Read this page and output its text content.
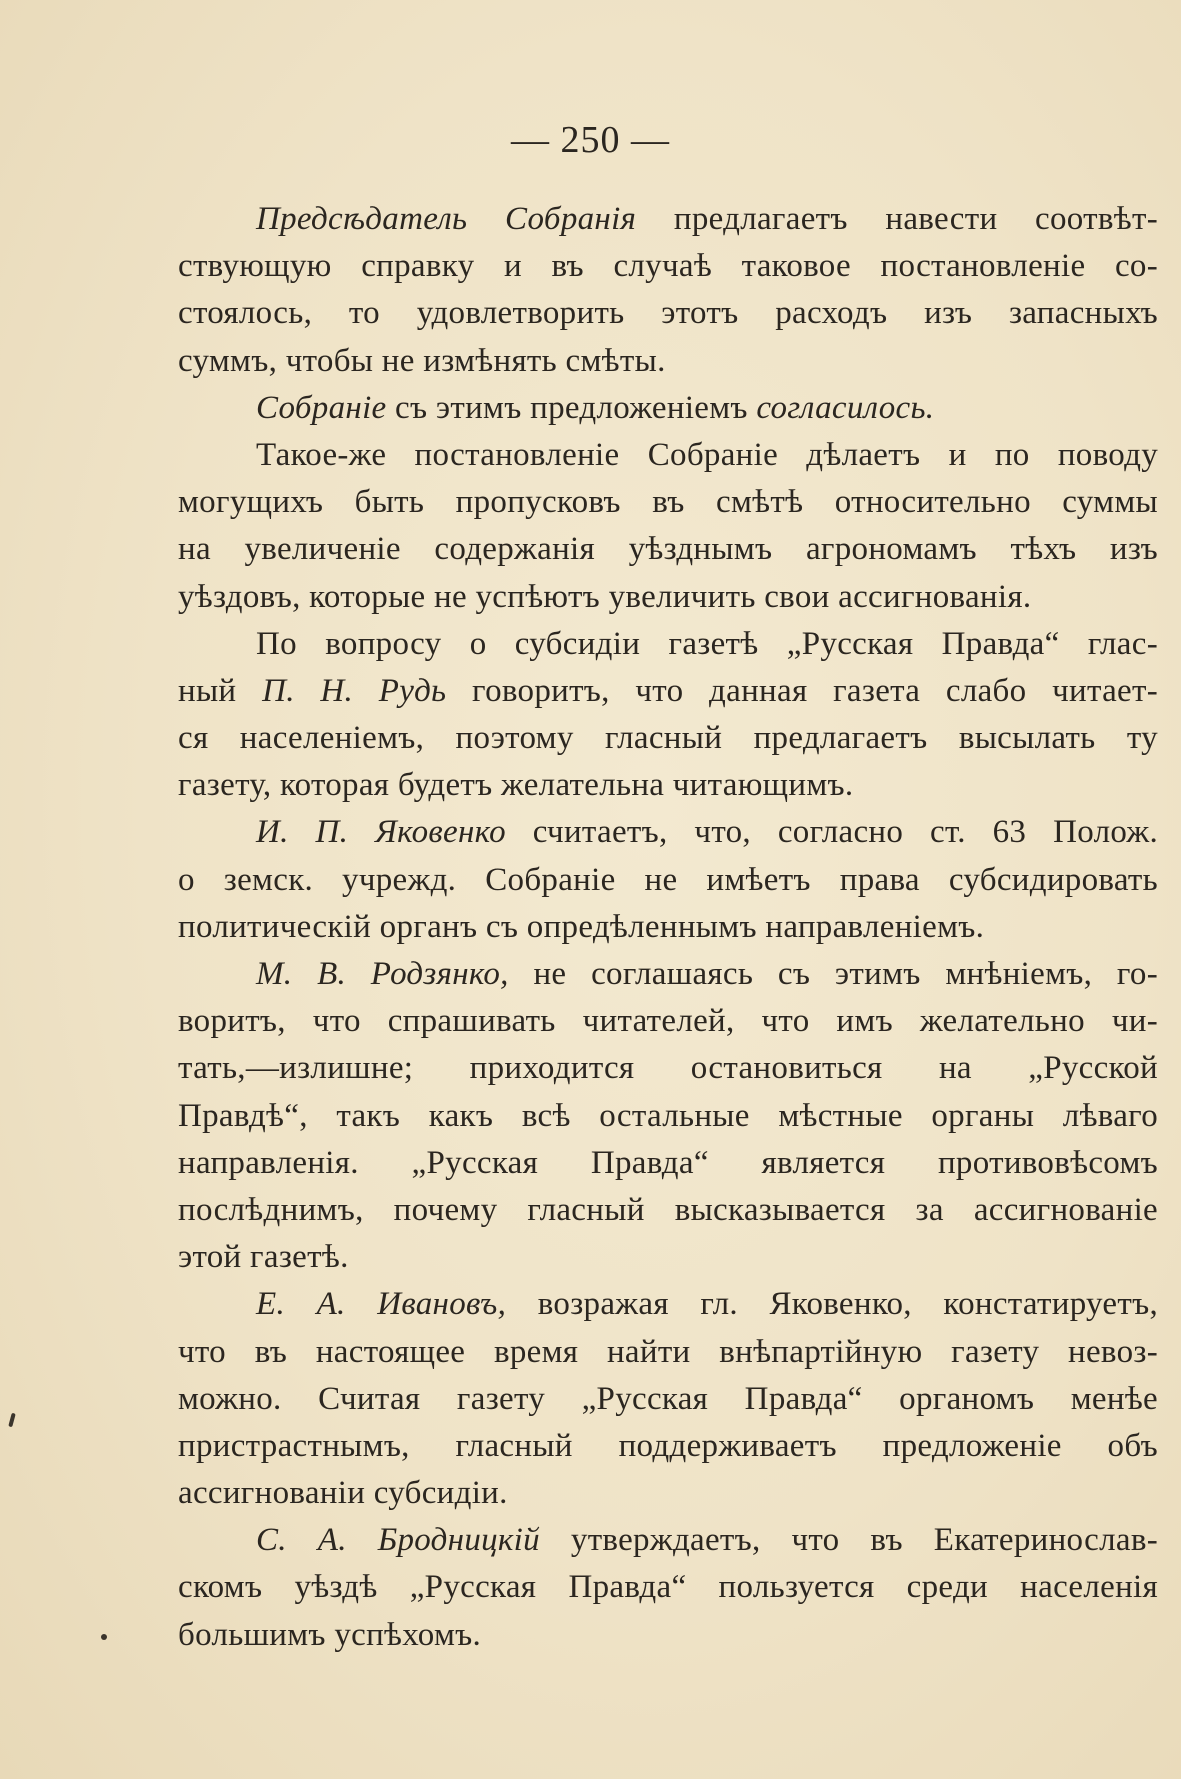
— 250 —
Предсѣдатель Собранія предлагаетъ навести соотвѣт-
ствующую справку и въ случаѣ таковое постановленіе со-
стоялось, то удовлетворить этотъ расходъ изъ запасныхъ
суммъ, чтобы не измѣнять смѣты.
Собраніе съ этимъ предложеніемъ согласилось.
Такое-же постановленіе Собраніе дѣлаетъ и по поводу
могущихъ быть пропусковъ въ смѣтѣ относительно суммы
на увеличеніе содержанія уѣзднымъ агрономамъ тѣхъ изъ
уѣздовъ, которые не успѣютъ увеличить свои ассигнованія.
По вопросу о субсидіи газетѣ „Русская Правда“ глас-
ный П. Н. Рудь говоритъ, что данная газета слабо читает-
ся населеніемъ, поэтому гласный предлагаетъ высылать ту
газету, которая будетъ желательна читающимъ.
И. П. Яковенко считаетъ, что, согласно ст. 63 Полож.
о земск. учрежд. Собраніе не имѣетъ права субсидировать
политическій органъ съ опредѣленнымъ направленіемъ.
М. В. Родзянко, не соглашаясь съ этимъ мнѣніемъ, го-
воритъ, что спрашивать читателей, что имъ желательно чи-
тать,—излишне; приходится остановиться на „Русской
Правдѣ“, такъ какъ всѣ остальные мѣстные органы лѣваго
направленія. „Русская Правда“ является противовѣсомъ
послѣднимъ, почему гласный высказывается за ассигнованіе
этой газетѣ.
Е. А. Ивановъ, возражая гл. Яковенко, констатируетъ,
что въ настоящее время найти внѣпартійную газету невоз-
можно. Считая газету „Русская Правда“ органомъ менѣе
пристрастнымъ, гласный поддерживаетъ предложеніе объ
ассигнованіи субсидіи.
С. А. Бродницкій утверждаетъ, что въ Екатеринослав-
скомъ уѣздѣ „Русская Правда“ пользуется среди населенія
большимъ успѣхомъ.
